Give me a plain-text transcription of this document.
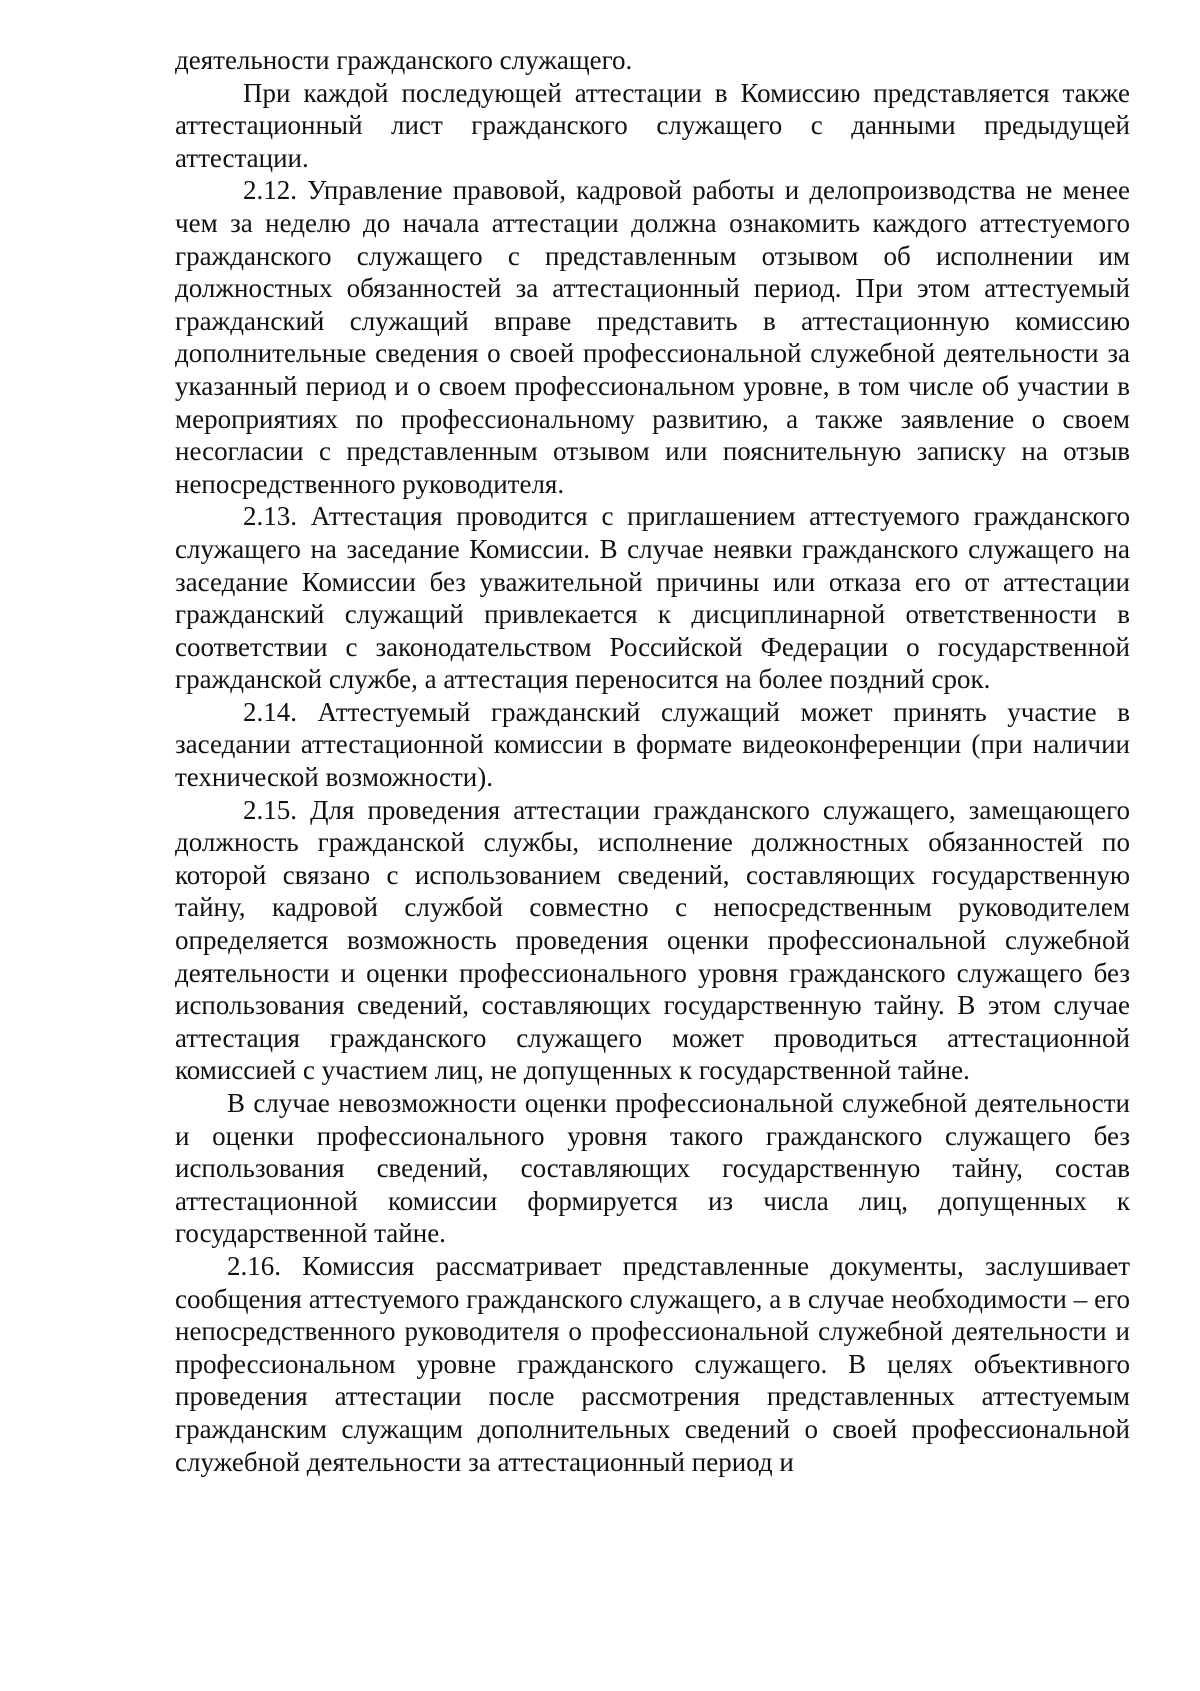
деятельности гражданского служащего.

При каждой последующей аттестации в Комиссию представляется также аттестационный лист гражданского служащего с данными предыдущей аттестации.

2.12. Управление правовой, кадровой работы и делопроизводства не менее чем за неделю до начала аттестации должна ознакомить каждого аттестуемого гражданского служащего с представленным отзывом об исполнении им должностных обязанностей за аттестационный период. При этом аттестуемый гражданский служащий вправе представить в аттестационную комиссию дополнительные сведения о своей профессиональной служебной деятельности за указанный период и о своем профессиональном уровне, в том числе об участии в мероприятиях по профессиональному развитию, а также заявление о своем несогласии с представленным отзывом или пояснительную записку на отзыв непосредственного руководителя.

2.13. Аттестация проводится с приглашением аттестуемого гражданского служащего на заседание Комиссии. В случае неявки гражданского служащего на заседание Комиссии без уважительной причины или отказа его от аттестации гражданский служащий привлекается к дисциплинарной ответственности в соответствии с законодательством Российской Федерации о государственной гражданской службе, а аттестация переносится на более поздний срок.

2.14. Аттестуемый гражданский служащий может принять участие в заседании аттестационной комиссии в формате видеоконференции (при наличии технической возможности).

2.15. Для проведения аттестации гражданского служащего, замещающего должность гражданской службы, исполнение должностных обязанностей по которой связано с использованием сведений, составляющих государственную тайну, кадровой службой совместно с непосредственным руководителем определяется возможность проведения оценки профессиональной служебной деятельности и оценки профессионального уровня гражданского служащего без использования сведений, составляющих государственную тайну. В этом случае аттестация гражданского служащего может проводиться аттестационной комиссией с участием лиц, не допущенных к государственной тайне.

В случае невозможности оценки профессиональной служебной деятельности и оценки профессионального уровня такого гражданского служащего без использования сведений, составляющих государственную тайну, состав аттестационной комиссии формируется из числа лиц, допущенных к государственной тайне.

2.16. Комиссия рассматривает представленные документы, заслушивает сообщения аттестуемого гражданского служащего, а в случае необходимости – его непосредственного руководителя о профессиональной служебной деятельности и профессиональном уровне гражданского служащего. В целях объективного проведения аттестации после рассмотрения представленных аттестуемым гражданским служащим дополнительных сведений о своей профессиональной служебной деятельности за аттестационный период и
